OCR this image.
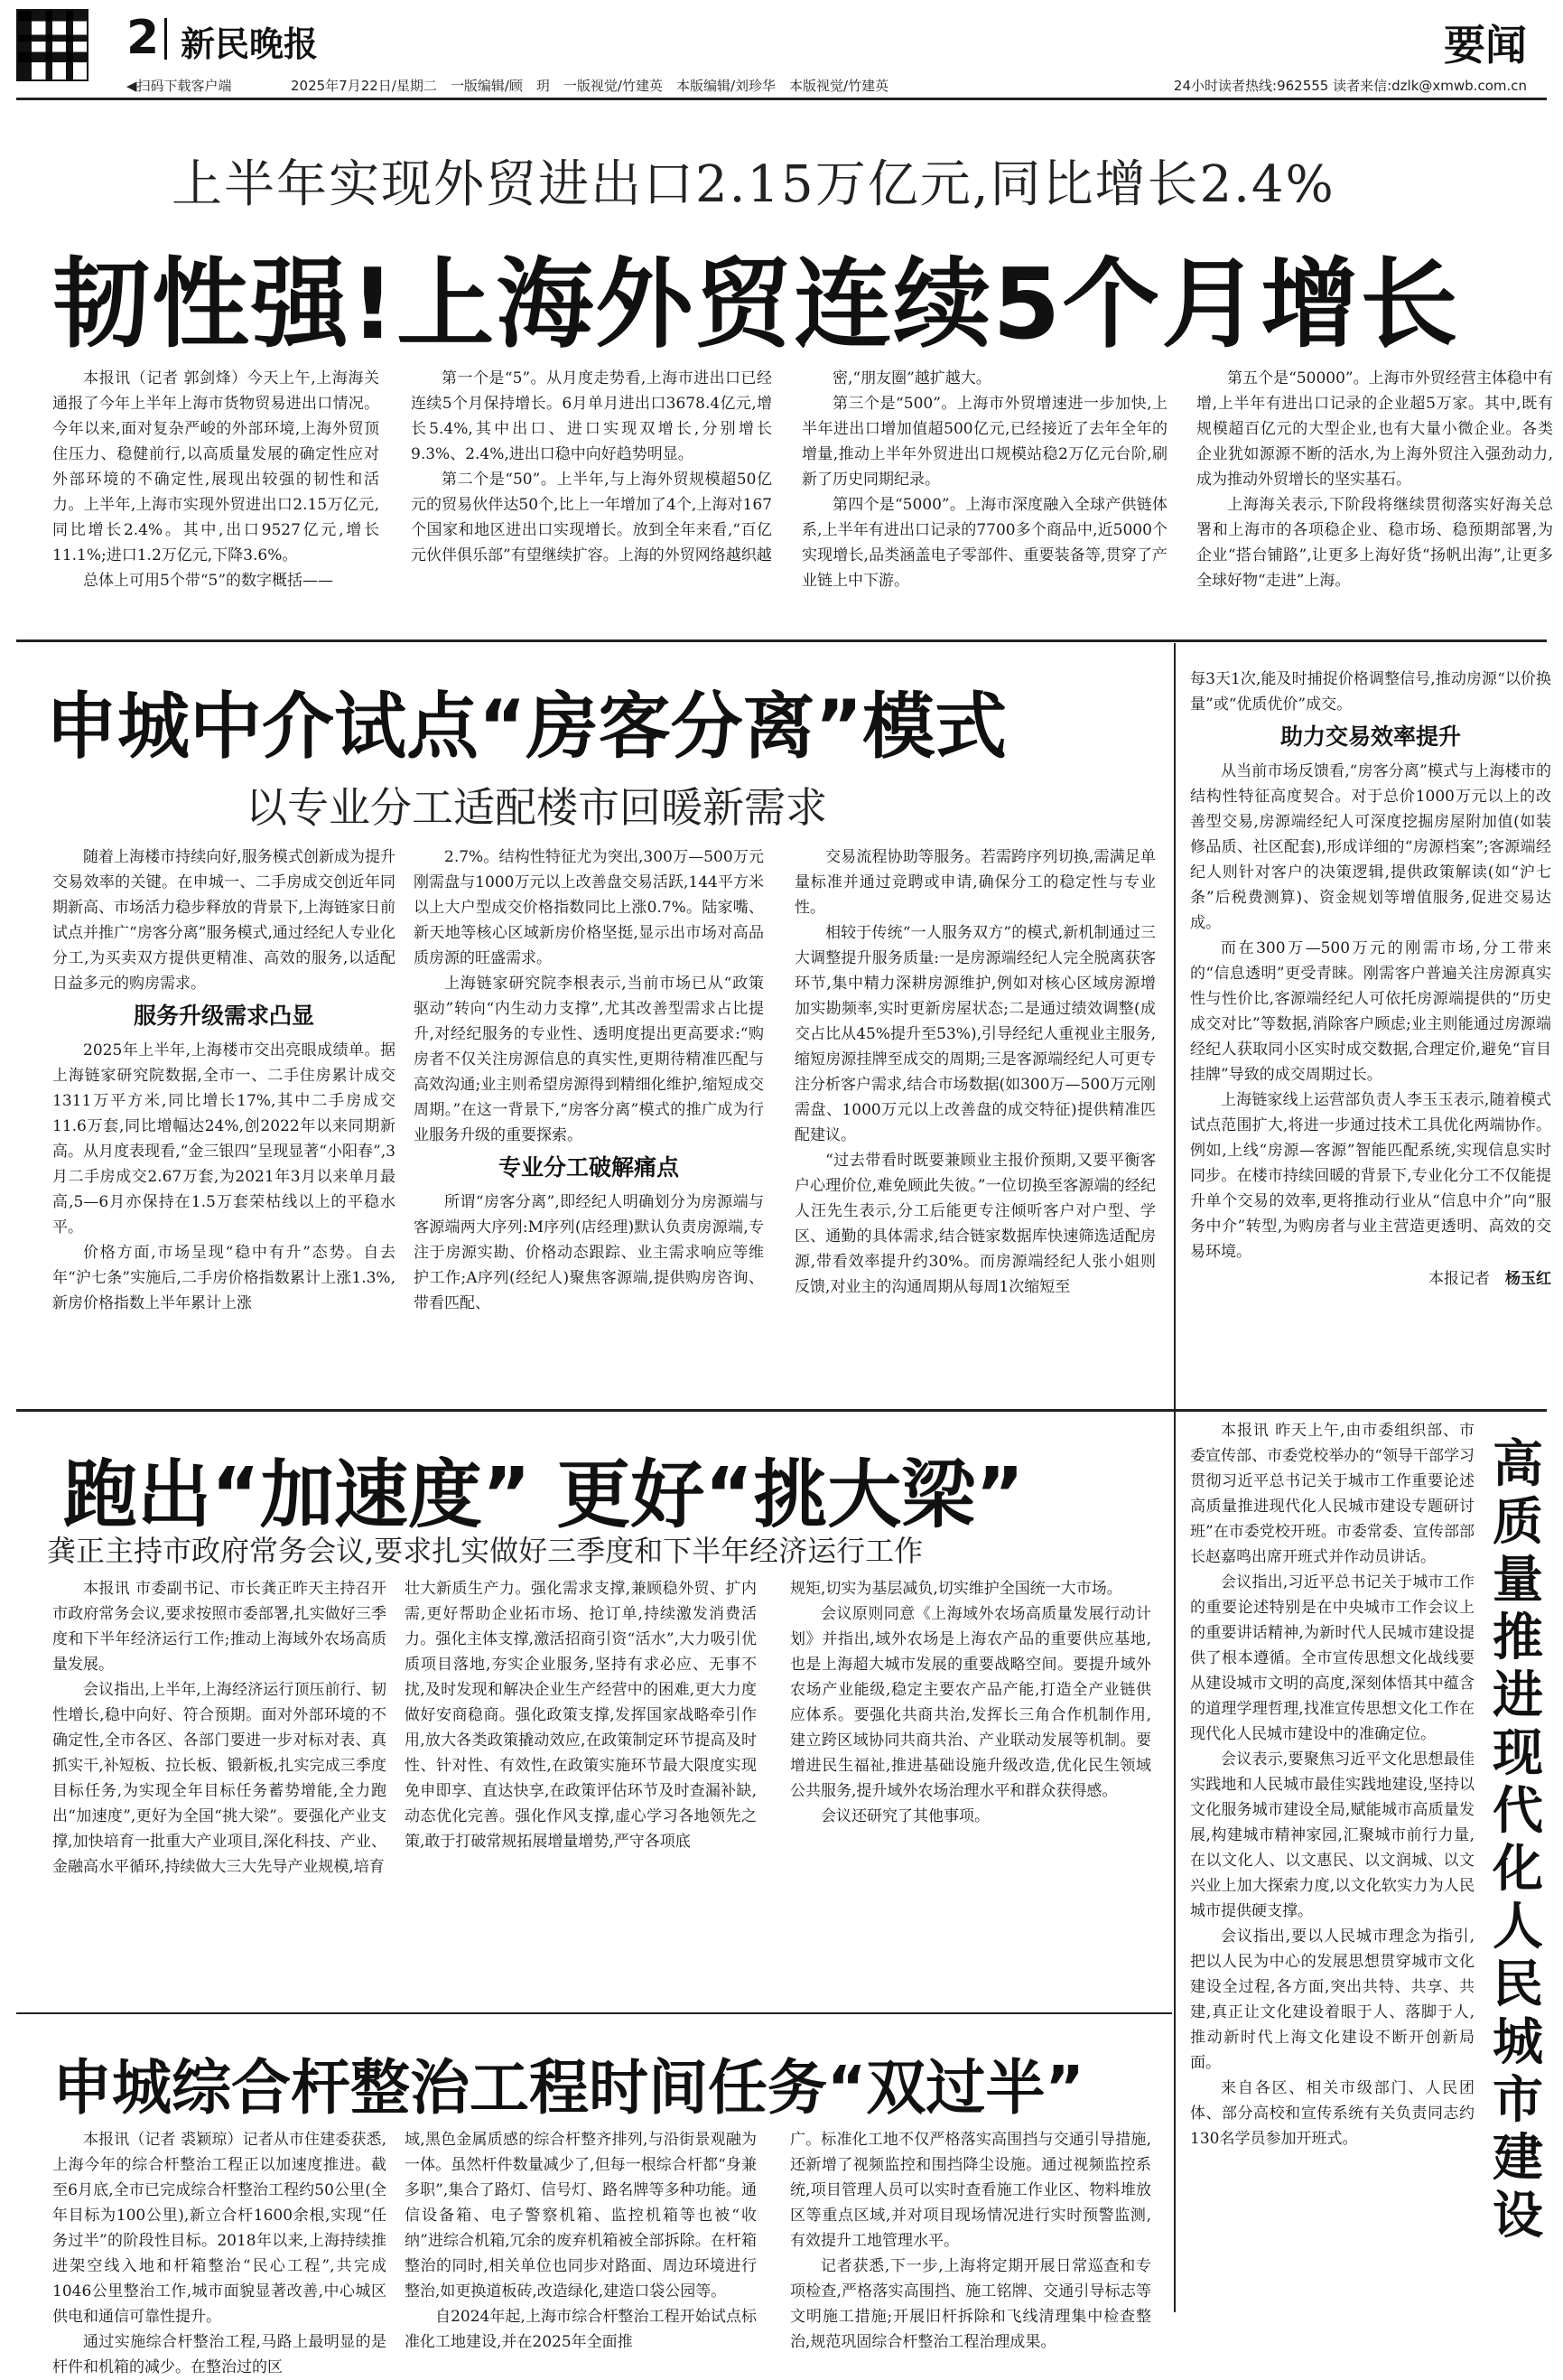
2 新民晚报	要闻
◀扫码下载客户端	2025年7月22日/星期二　一版编辑/顾　玥　一版视觉/竹建英　本版编辑/刘珍华　本版视觉/竹建英	24小时读者热线:962555 读者来信:dzlk@xmwb.com.cn
上半年实现外贸进出口2.15万亿元,同比增长2.4%
韧性强!上海外贸连续5个月增长

本报讯（记者 郭剑烽）今天上午,上海海关通报了今年上半年上海市货物贸易进出口情况。今年以来,面对复杂严峻的外部环境,上海外贸顶住压力、稳健前行,以高质量发展的确定性应对外部环境的不确定性,展现出较强的韧性和活力。上半年,上海市实现外贸进出口2.15万亿元,同比增长2.4%。其中,出口9527亿元,增长11.1%;进口1.2万亿元,下降3.6%。

总体上可用5个带“5”的数字概括——

第一个是“5”。从月度走势看,上海市进出口已经连续5个月保持增长。6月单月进出口3678.4亿元,增长5.4%,其中出口、进口实现双增长,分别增长9.3%、2.4%,进出口稳中向好趋势明显。

第二个是“50”。上半年,与上海外贸规模超50亿元的贸易伙伴达50个,比上一年增加了4个,上海对167个国家和地区进出口实现增长。放到全年来看,“百亿元伙伴俱乐部”有望继续扩容。上海的外贸网络越织越

密,“朋友圈”越扩越大。

第三个是“500”。上海市外贸增速进一步加快,上半年进出口增加值超500亿元,已经接近了去年全年的增量,推动上半年外贸进出口规模站稳2万亿元台阶,刷新了历史同期纪录。

第四个是“5000”。上海市深度融入全球产供链体系,上半年有进出口记录的7700多个商品中,近5000个实现增长,品类涵盖电子零部件、重要装备等,贯穿了产业链上中下游。

第五个是“50000”。上海市外贸经营主体稳中有增,上半年有进出口记录的企业超5万家。其中,既有规模超百亿元的大型企业,也有大量小微企业。各类企业犹如源源不断的活水,为上海外贸注入强劲动力,成为推动外贸增长的坚实基石。

上海海关表示,下阶段将继续贯彻落实好海关总署和上海市的各项稳企业、稳市场、稳预期部署,为企业“搭台铺路”,让更多上海好货“扬帆出海”,让更多全球好物“走进”上海。

申城中介试点“房客分离”模式
以专业分工适配楼市回暖新需求

随着上海楼市持续向好,服务模式创新成为提升交易效率的关键。在申城一、二手房成交创近年同期新高、市场活力稳步释放的背景下,上海链家日前试点并推广“房客分离”服务模式,通过经纪人专业化分工,为买卖双方提供更精准、高效的服务,以适配日益多元的购房需求。

服务升级需求凸显

2025年上半年,上海楼市交出亮眼成绩单。据上海链家研究院数据,全市一、二手住房累计成交1311万平方米,同比增长17%,其中二手房成交11.6万套,同比增幅达24%,创2022年以来同期新高。从月度表现看,“金三银四”呈现显著“小阳春”,3月二手房成交2.67万套,为2021年3月以来单月最高,5—6月亦保持在1.5万套荣枯线以上的平稳水平。

价格方面,市场呈现“稳中有升”态势。自去年“沪七条”实施后,二手房价格指数累计上涨1.3%,新房价格指数上半年累计上涨

2.7%。结构性特征尤为突出,300万—500万元刚需盘与1000万元以上改善盘交易活跃,144平方米以上大户型成交价格指数同比上涨0.7%。陆家嘴、新天地等核心区域新房价格坚挺,显示出市场对高品质房源的旺盛需求。

上海链家研究院李根表示,当前市场已从“政策驱动”转向“内生动力支撑”,尤其改善型需求占比提升,对经纪服务的专业性、透明度提出更高要求:“购房者不仅关注房源信息的真实性,更期待精准匹配与高效沟通;业主则希望房源得到精细化维护,缩短成交周期。”在这一背景下,“房客分离”模式的推广成为行业服务升级的重要探索。

专业分工破解痛点

所谓“房客分离”,即经纪人明确划分为房源端与客源端两大序列:M序列(店经理)默认负责房源端,专注于房源实勘、价格动态跟踪、业主需求响应等维护工作;A序列(经纪人)聚焦客源端,提供购房咨询、带看匹配、

交易流程协助等服务。若需跨序列切换,需满足单量标准并通过竞聘或申请,确保分工的稳定性与专业性。

相较于传统“一人服务双方”的模式,新机制通过三大调整提升服务质量:一是房源端经纪人完全脱离获客环节,集中精力深耕房源维护,例如对核心区域房源增加实勘频率,实时更新房屋状态;二是通过绩效调整(成交占比从45%提升至53%),引导经纪人重视业主服务,缩短房源挂牌至成交的周期;三是客源端经纪人可更专注分析客户需求,结合市场数据(如300万—500万元刚需盘、1000万元以上改善盘的成交特征)提供精准匹配建议。

“过去带看时既要兼顾业主报价预期,又要平衡客户心理价位,难免顾此失彼。”一位切换至客源端的经纪人汪先生表示,分工后能更专注倾听客户对户型、学区、通勤的具体需求,结合链家数据库快速筛选适配房源,带看效率提升约30%。而房源端经纪人张小姐则反馈,对业主的沟通周期从每周1次缩短至

每3天1次,能及时捕捉价格调整信号,推动房源“以价换量”或“优质优价”成交。

助力交易效率提升

从当前市场反馈看,“房客分离”模式与上海楼市的结构性特征高度契合。对于总价1000万元以上的改善型交易,房源端经纪人可深度挖掘房屋附加值(如装修品质、社区配套),形成详细的“房源档案”;客源端经纪人则针对客户的决策逻辑,提供政策解读(如“沪七条”后税费测算)、资金规划等增值服务,促进交易达成。

而在300万—500万元的刚需市场,分工带来的“信息透明”更受青睐。刚需客户普遍关注房源真实性与性价比,客源端经纪人可依托房源端提供的“历史成交对比”等数据,消除客户顾虑;业主则能通过房源端经纪人获取同小区实时成交数据,合理定价,避免“盲目挂牌”导致的成交周期过长。

上海链家线上运营部负责人李玉玉表示,随着模式试点范围扩大,将进一步通过技术工具优化两端协作。例如,上线“房源—客源”智能匹配系统,实现信息实时同步。在楼市持续回暖的背景下,专业化分工不仅能提升单个交易的效率,更将推动行业从“信息中介”向“服务中介”转型,为购房者与业主营造更透明、高效的交易环境。

本报记者　 杨玉红
跑出“加速度” 更好“挑大梁”
龚正主持市政府常务会议,要求扎实做好三季度和下半年经济运行工作

本报讯 市委副书记、市长龚正昨天主持召开市政府常务会议,要求按照市委部署,扎实做好三季度和下半年经济运行工作;推动上海域外农场高质量发展。

会议指出,上半年,上海经济运行顶压前行、韧性增长,稳中向好、符合预期。面对外部环境的不确定性,全市各区、各部门要进一步对标对表、真抓实干,补短板、拉长板、锻新板,扎实完成三季度目标任务,为实现全年目标任务蓄势增能,全力跑出“加速度”,更好为全国“挑大梁”。要强化产业支撑,加快培育一批重大产业项目,深化科技、产业、金融高水平循环,持续做大三大先导产业规模,培育

壮大新质生产力。强化需求支撑,兼顾稳外贸、扩内需,更好帮助企业拓市场、抢订单,持续激发消费活力。强化主体支撑,激活招商引资“活水”,大力吸引优质项目落地,夯实企业服务,坚持有求必应、无事不扰,及时发现和解决企业生产经营中的困难,更大力度做好安商稳商。强化政策支撑,发挥国家战略牵引作用,放大各类政策撬动效应,在政策制定环节提高及时性、针对性、有效性,在政策实施环节最大限度实现免申即享、直达快享,在政策评估环节及时查漏补缺,动态优化完善。强化作风支撑,虚心学习各地领先之策,敢于打破常规拓展增量增势,严守各项底

规矩,切实为基层减负,切实维护全国统一大市场。

会议原则同意《上海域外农场高质量发展行动计划》并指出,域外农场是上海农产品的重要供应基地,也是上海超大城市发展的重要战略空间。要提升域外农场产业能级,稳定主要农产品产能,打造全产业链供应体系。要强化共商共治,发挥长三角合作机制作用,建立跨区域协同共商共治、产业联动发展等机制。要增进民生福祉,推进基础设施升级改造,优化民生领域公共服务,提升域外农场治理水平和群众获得感。

会议还研究了其他事项。

申城综合杆整治工程时间任务“双过半”

本报讯（记者 裘颖琼）记者从市住建委获悉,上海今年的综合杆整治工程正以加速度推进。截至6月底,全市已完成综合杆整治工程约50公里(全年目标为100公里),新立合杆1600余根,实现“任务过半”的阶段性目标。2018年以来,上海持续推进架空线入地和杆箱整治“民心工程”,共完成1046公里整治工作,城市面貌显著改善,中心城区供电和通信可靠性提升。

通过实施综合杆整治工程,马路上最明显的是杆件和机箱的减少。在整治过的区

域,黑色金属质感的综合杆整齐排列,与沿街景观融为一体。虽然杆件数量减少了,但每一根综合杆都“身兼多职”,集合了路灯、信号灯、路名牌等多种功能。通信设备箱、电子警察机箱、监控机箱等也被“收纳”进综合机箱,冗余的废弃机箱被全部拆除。在杆箱整治的同时,相关单位也同步对路面、周边环境进行整治,如更换道板砖,改造绿化,建造口袋公园等。

自2024年起,上海市综合杆整治工程开始试点标准化工地建设,并在2025年全面推

广。标准化工地不仅严格落实高围挡与交通引导措施,还新增了视频监控和围挡降尘设施。通过视频监控系统,项目管理人员可以实时查看施工作业区、物料堆放区等重点区域,并对项目现场情况进行实时预警监测,有效提升工地管理水平。

记者获悉,下一步,上海将定期开展日常巡查和专项检查,严格落实高围挡、施工铭牌、交通引导标志等文明施工措施;开展旧杆拆除和飞线清理集中检查整治,规范巩固综合杆整治工程治理成果。

本报讯 昨天上午,由市委组织部、市委宣传部、市委党校举办的“领导干部学习贯彻习近平总书记关于城市工作重要论述 高质量推进现代化人民城市建设专题研讨班”在市委党校开班。市委常委、宣传部部长赵嘉鸣出席开班式并作动员讲话。

会议指出,习近平总书记关于城市工作的重要论述特别是在中央城市工作会议上的重要讲话精神,为新时代人民城市建设提供了根本遵循。全市宣传思想文化战线要从建设城市文明的高度,深刻体悟其中蕴含的道理学理哲理,找准宣传思想文化工作在现代化人民城市建设中的准确定位。

会议表示,要聚焦习近平文化思想最佳实践地和人民城市最佳实践地建设,坚持以文化服务城市建设全局,赋能城市高质量发展,构建城市精神家园,汇聚城市前行力量,在以文化人、以文惠民、以文润城、以文兴业上加大探索力度,以文化软实力为人民城市提供硬支撑。

会议指出,要以人民城市理念为指引,把以人民为中心的发展思想贯穿城市文化建设全过程,各方面,突出共特、共享、共建,真正让文化建设着眼于人、落脚于人,推动新时代上海文化建设不断开创新局面。

来自各区、相关市级部门、人民团体、部分高校和宣传系统有关负责同志约130名学员参加开班式。

高
质
量
推
进
现
代
化
人
民
城
市
建
设
